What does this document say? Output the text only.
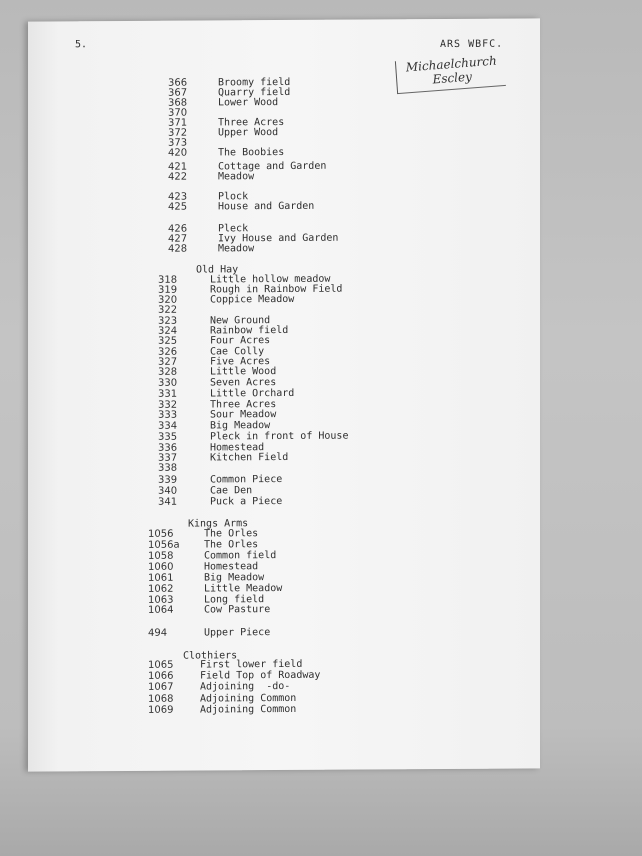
5.	ARS WBFC.
Michaelchurch
Escley
366	Broomy field
367	Quarry field
368	Lower Wood
370
371	Three Acres
372	Upper Wood
373
420	The Boobies
421	Cottage and Garden
422	Meadow
423	Plock
425	House and Garden
426	Pleck
427	Ivy House and Garden
428	Meadow
Old Hay
318	Little hollow meadow
319	Rough in Rainbow Field
320	Coppice Meadow
322
323	New Ground
324	Rainbow field
325	Four Acres
326	Cae Colly
327	Five Acres
328	Little Wood
330	Seven Acres
331	Little Orchard
332	Three Acres
333	Sour Meadow
334	Big Meadow
335	Pleck in front of House
336	Homestead
337	Kitchen Field
338
339	Common Piece
340	Cae Den
341	Puck a Piece
Kings Arms
1056	The Orles
1056a The Orles
1058	Common field
1060	Homestead
1061	Big Meadow
1062	Little Meadow
1063	Long field
1064	Cow Pasture
494	Upper Piece
Clothiers
1065	First lower field
1066	Field Top of Roadway
1067	Adjoining  -do-
1068	Adjoining Common
1069	Adjoining Common
